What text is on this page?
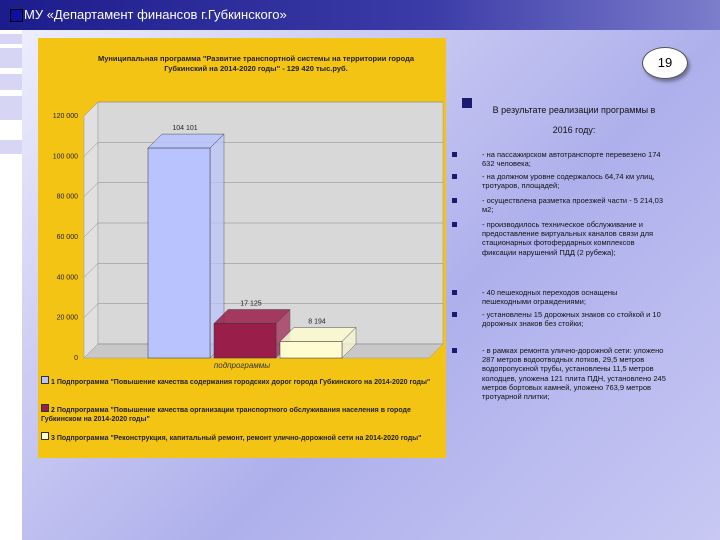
МУ «Департамент финансов г.Губкинского»
19
Муниципальная программа "Развитие транспортной системы на территории города Губкинский на 2014-2020 годы" - 129 420 тыс.руб.
0
20 000
40 000
60 000
80 000
100 000
120 000
104 101
17 125
8 194
подпрограммы
1 Подпрограмма "Повышение качества содержания городских дорог города Губкинского на 2014-2020 годы"
2 Подпрограмма "Повышение качества организации транспортного обслуживания населения в городе Губкинском на 2014-2020 годы"
3 Подпрограмма "Реконструкция, капитальный ремонт, ремонт улично-дорожной сети на 2014-2020 годы"
В результате реализации программы в 2016 году:
- на пассажирском автотранспорте перевезено 174 632 человека;
- на должном уровне содержалось 64,74 км улиц, тротуаров, площадей;
- осуществлена разметка проезжей части - 5 214,03 м2;
- производилось техническое обслуживание и предоставление виртуальных каналов связи для стационарных фотофердарных комплексов фиксации нарушений ПДД (2 рубежа);
- 40 пешеходных переходов оснащены пешеходными ограждениями;
- установлены 15 дорожных знаков со стойкой и 10 дорожных знаков без стойки;
- в рамках ремонта улично-дорожной сети: уложено 287 метров водоотводных лотков, 29,5 метров водопропускной трубы, установлены 11,5 метров колодцев, уложена 121 плита ПДН, установлено 245 метров бортовых камней, уложено 763,9 метров тротуарной плитки;
